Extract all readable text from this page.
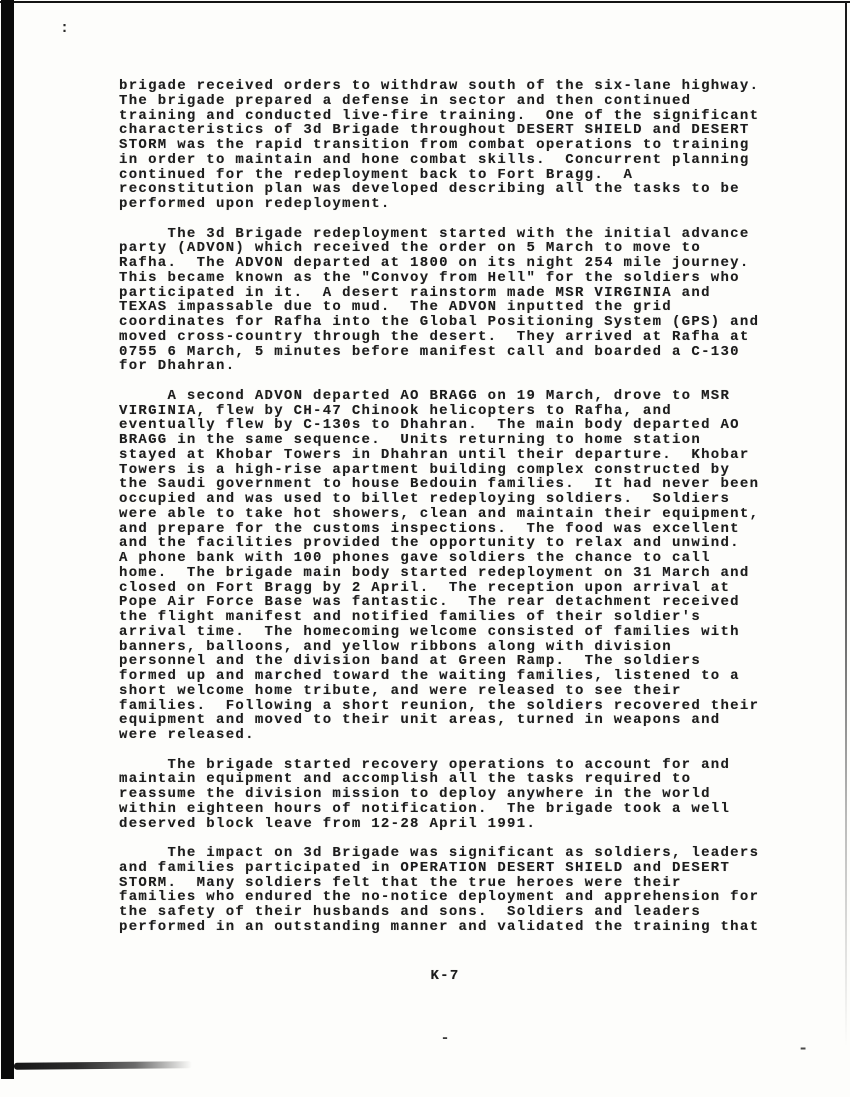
:
brigade received orders to withdraw south of the six-lane highway.
The brigade prepared a defense in sector and then continued
training and conducted live-fire training.  One of the significant
characteristics of 3d Brigade throughout DESERT SHIELD and DESERT
STORM was the rapid transition from combat operations to training
in order to maintain and hone combat skills.  Concurrent planning
continued for the redeployment back to Fort Bragg.  A
reconstitution plan was developed describing all the tasks to be
performed upon redeployment.
The 3d Brigade redeployment started with the initial advance
party (ADVON) which received the order on 5 March to move to
Rafha.  The ADVON departed at 1800 on its night 254 mile journey.
This became known as the "Convoy from Hell" for the soldiers who
participated in it.  A desert rainstorm made MSR VIRGINIA and
TEXAS impassable due to mud.  The ADVON inputted the grid
coordinates for Rafha into the Global Positioning System (GPS) and
moved cross-country through the desert.  They arrived at Rafha at
0755 6 March, 5 minutes before manifest call and boarded a C-130
for Dhahran.
A second ADVON departed AO BRAGG on 19 March, drove to MSR
VIRGINIA, flew by CH-47 Chinook helicopters to Rafha, and
eventually flew by C-130s to Dhahran.  The main body departed AO
BRAGG in the same sequence.  Units returning to home station
stayed at Khobar Towers in Dhahran until their departure.  Khobar
Towers is a high-rise apartment building complex constructed by
the Saudi government to house Bedouin families.  It had never been
occupied and was used to billet redeploying soldiers.  Soldiers
were able to take hot showers, clean and maintain their equipment,
and prepare for the customs inspections.  The food was excellent
and the facilities provided the opportunity to relax and unwind.
A phone bank with 100 phones gave soldiers the chance to call
home.  The brigade main body started redeployment on 31 March and
closed on Fort Bragg by 2 April.  The reception upon arrival at
Pope Air Force Base was fantastic.  The rear detachment received
the flight manifest and notified families of their soldier's
arrival time.  The homecoming welcome consisted of families with
banners, balloons, and yellow ribbons along with division
personnel and the division band at Green Ramp.  The soldiers
formed up and marched toward the waiting families, listened to a
short welcome home tribute, and were released to see their
families.  Following a short reunion, the soldiers recovered their
equipment and moved to their unit areas, turned in weapons and
were released.
The brigade started recovery operations to account for and
maintain equipment and accomplish all the tasks required to
reassume the division mission to deploy anywhere in the world
within eighteen hours of notification.  The brigade took a well
deserved block leave from 12-28 April 1991.
The impact on 3d Brigade was significant as soldiers, leaders
and families participated in OPERATION DESERT SHIELD and DESERT
STORM.  Many soldiers felt that the true heroes were their
families who endured the no-notice deployment and apprehension for
the safety of their husbands and sons.  Soldiers and leaders
performed in an outstanding manner and validated the training that
K-7
-
-
